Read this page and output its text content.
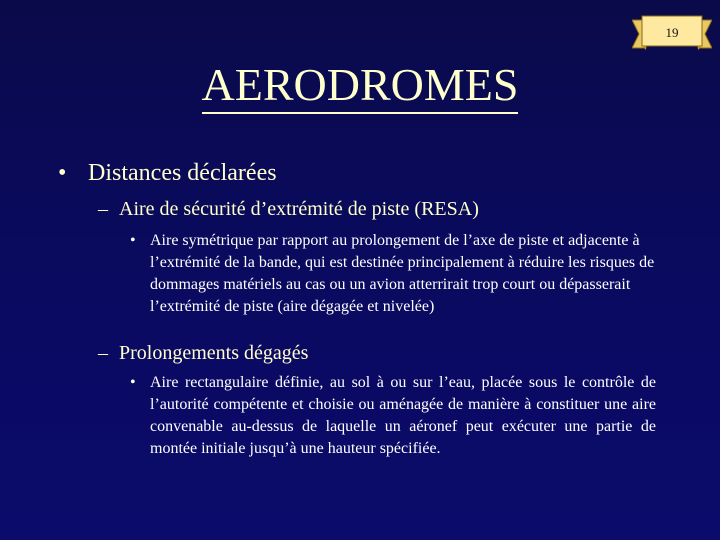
19
AERODROMES
• Distances déclarées
– Aire de sécurité d’extrémité de piste (RESA)
• Aire symétrique par rapport au prolongement de l’axe de piste et adjacente à l’extrémité de la bande, qui est destinée principalement à réduire les risques de dommages matériels au cas ou un avion atterrirait trop court ou dépasserait l’extrémité de piste (aire dégagée et nivelée)
– Prolongements dégagés
• Aire rectangulaire définie, au sol à ou sur l’eau, placée sous le contrôle de l’autorité compétente et choisie ou aménagée de manière à constituer une aire convenable au-dessus de laquelle un aéronef peut exécuter une partie de montée initiale jusqu’à une hauteur spécifiée.
